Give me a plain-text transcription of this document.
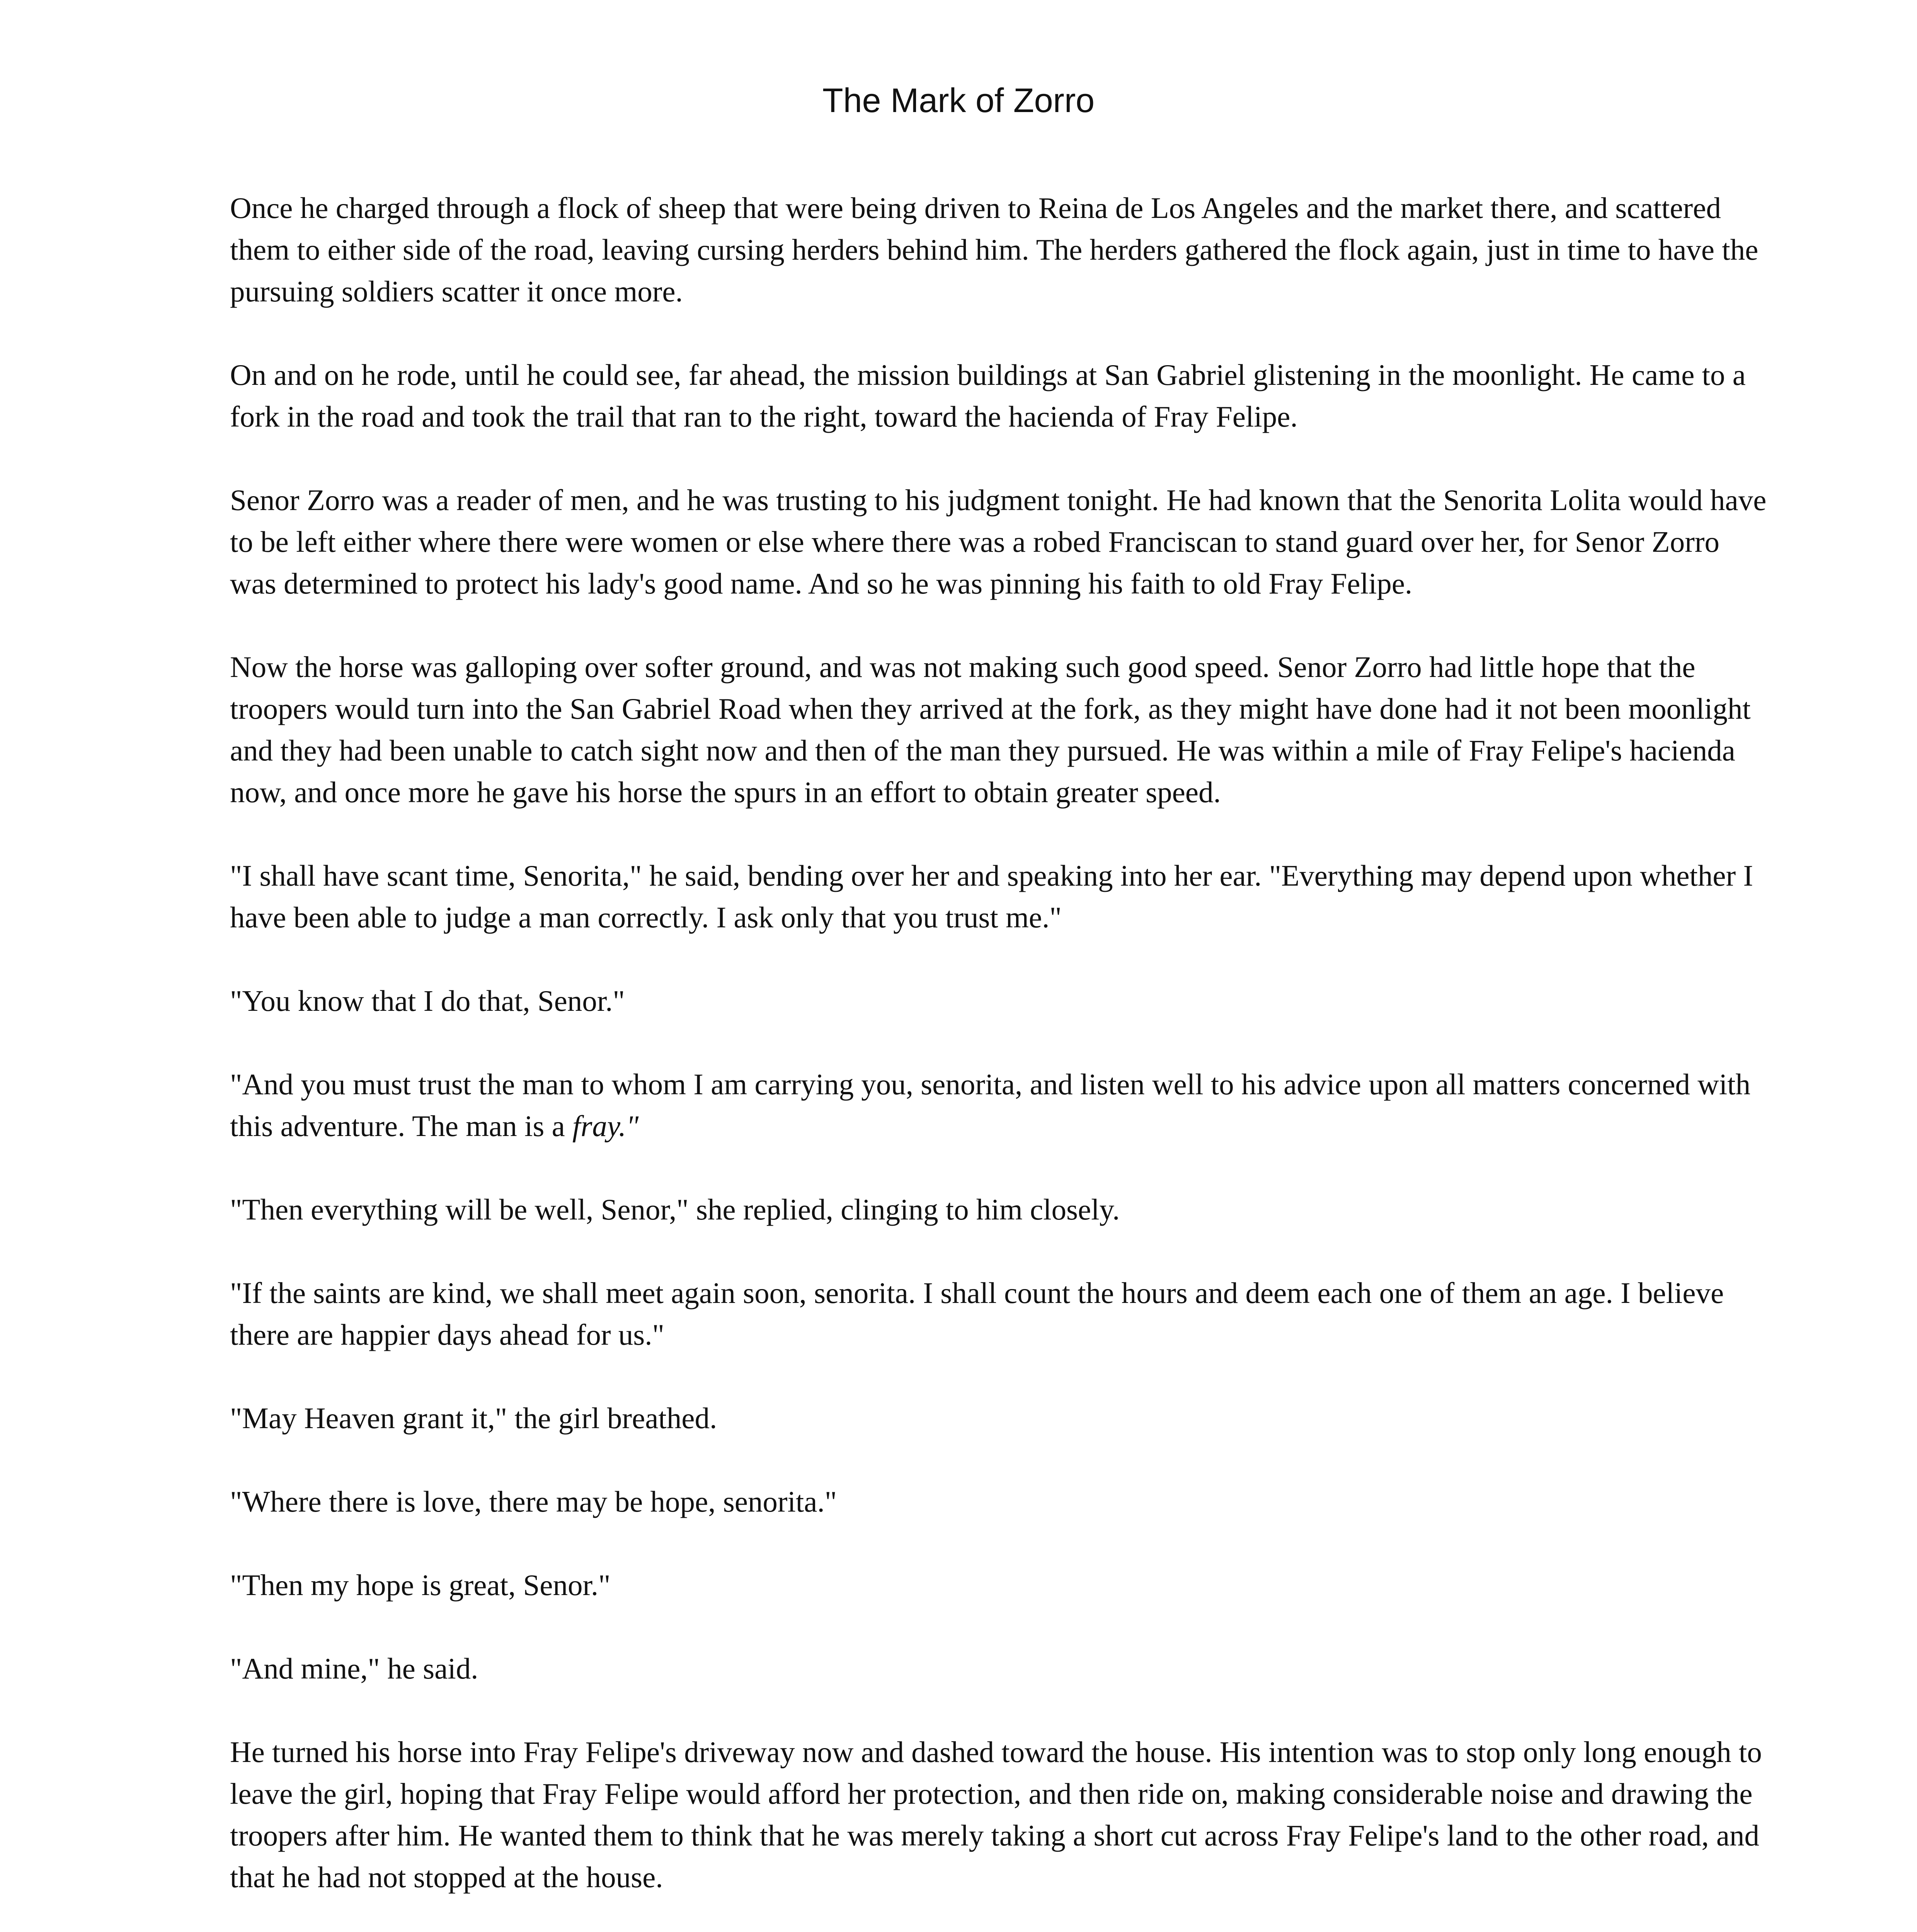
The Mark of Zorro

Once he charged through a flock of sheep that were being driven to Reina de Los Angeles and the market there, and scattered them to either side of the road, leaving cursing herders behind him. The herders gathered the flock again, just in time to have the pursuing soldiers scatter it once more.

On and on he rode, until he could see, far ahead, the mission buildings at San Gabriel glistening in the moonlight. He came to a fork in the road and took the trail that ran to the right, toward the hacienda of Fray Felipe.

Senor Zorro was a reader of men, and he was trusting to his judgment tonight. He had known that the Senorita Lolita would have to be left either where there were women or else where there was a robed Franciscan to stand guard over her, for Senor Zorro was determined to protect his lady's good name. And so he was pinning his faith to old Fray Felipe.

Now the horse was galloping over softer ground, and was not making such good speed. Senor Zorro had little hope that the troopers would turn into the San Gabriel Road when they arrived at the fork, as they might have done had it not been moonlight and they had been unable to catch sight now and then of the man they pursued. He was within a mile of Fray Felipe's hacienda now, and once more he gave his horse the spurs in an effort to obtain greater speed.

"I shall have scant time, Senorita," he said, bending over her and speaking into her ear. "Everything may depend upon whether I have been able to judge a man correctly. I ask only that you trust me."

"You know that I do that, Senor."

"And you must trust the man to whom I am carrying you, senorita, and listen well to his advice upon all matters concerned with this adventure. The man is a fray."

"Then everything will be well, Senor," she replied, clinging to him closely.

"If the saints are kind, we shall meet again soon, senorita. I shall count the hours and deem each one of them an age. I believe there are happier days ahead for us."

"May Heaven grant it," the girl breathed.

"Where there is love, there may be hope, senorita."

"Then my hope is great, Senor."

"And mine," he said.

He turned his horse into Fray Felipe's driveway now and dashed toward the house. His intention was to stop only long enough to leave the girl, hoping that Fray Felipe would afford her protection, and then ride on, making considerable noise and drawing the troopers after him. He wanted them to think that he was merely taking a short cut across Fray Felipe's land to the other road, and that he had not stopped at the house.
